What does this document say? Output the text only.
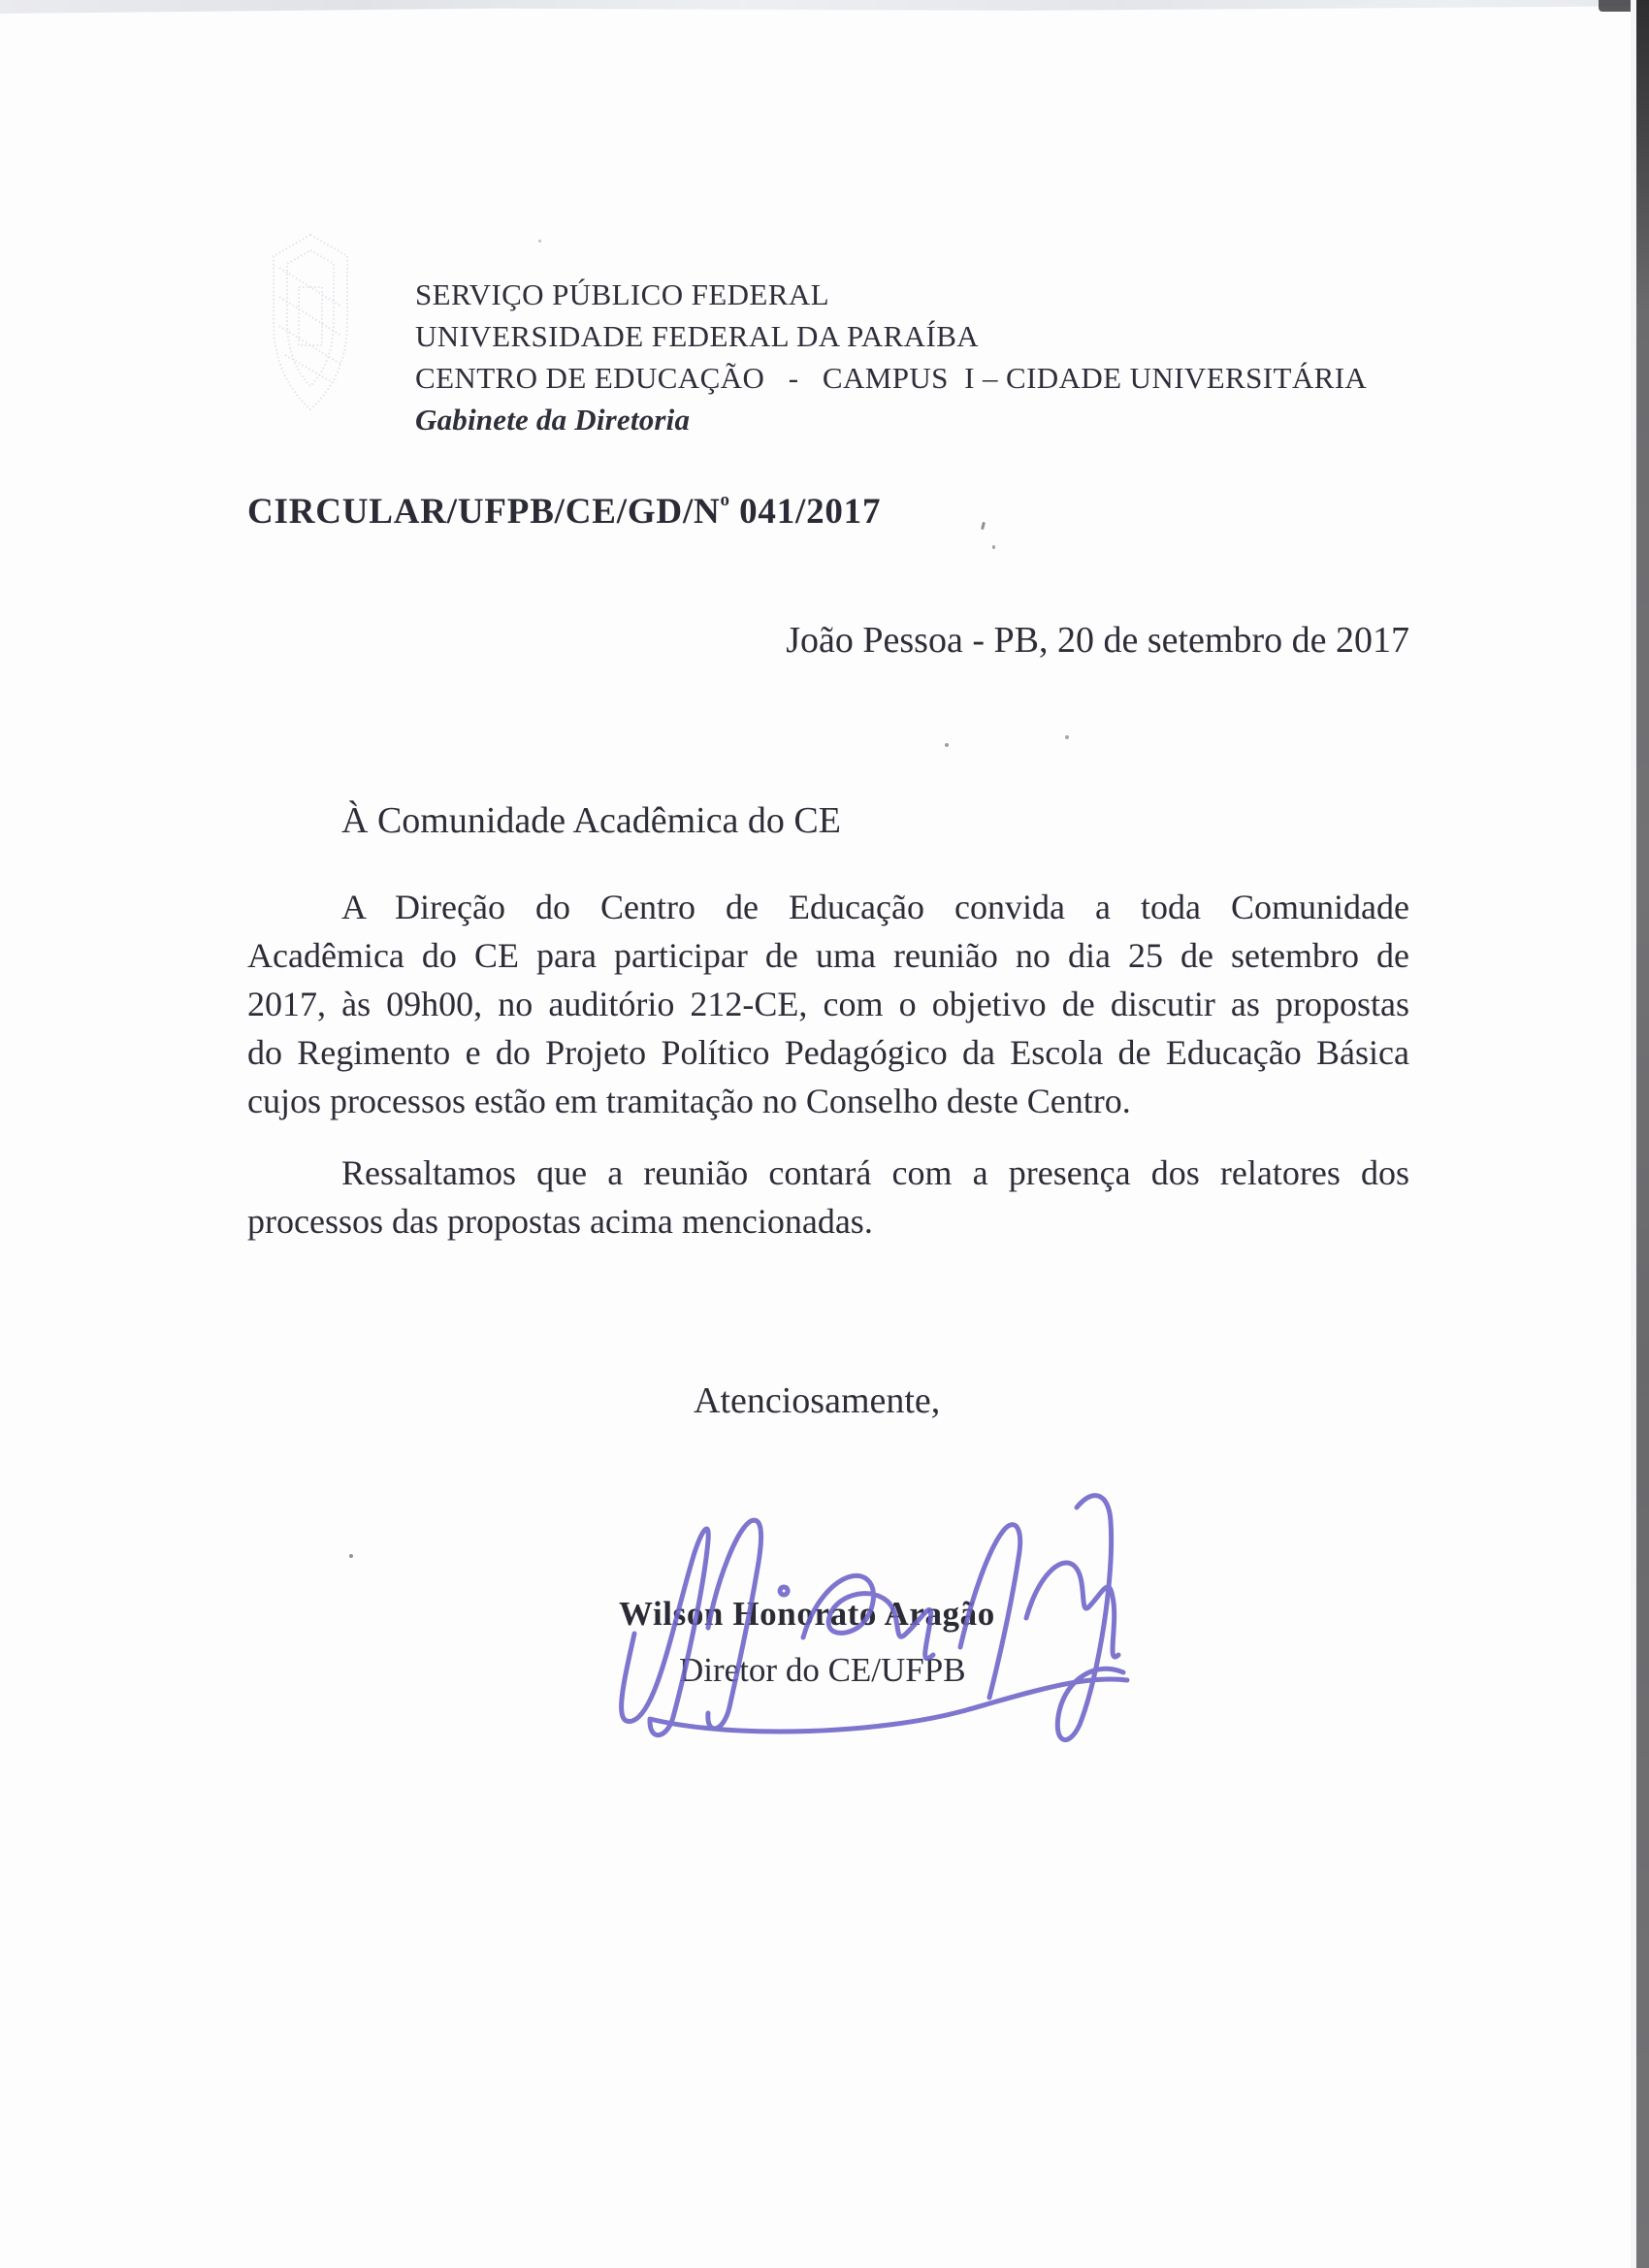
SERVIÇO PÚBLICO FEDERAL
UNIVERSIDADE FEDERAL DA PARAÍBA
CENTRO DE EDUCAÇÃO   -   CAMPUS  I – CIDADE UNIVERSITÁRIA
Gabinete da Diretoria
CIRCULAR/$UFPB/CE/GD/N^o$ 041/2017
João Pessoa - PB, 20 de setembro de 2017
À Comunidade Acadêmica do CE
A Direção do Centro de Educação convida a toda Comunidade
Acadêmica do CE para participar de uma reunião no dia 25 de setembro de
2017, às 09h00, no auditório 212-CE, com o objetivo de discutir as propostas
do Regimento e do Projeto Político Pedagógico da Escola de Educação Básica
cujos processos estão em tramitação no Conselho deste Centro.
Ressaltamos que a reunião contará com a presença dos relatores dos
processos das propostas acima mencionadas.
Atenciosamente,
Wilson Honorato Aragão
Diretor do CE/UFPB
